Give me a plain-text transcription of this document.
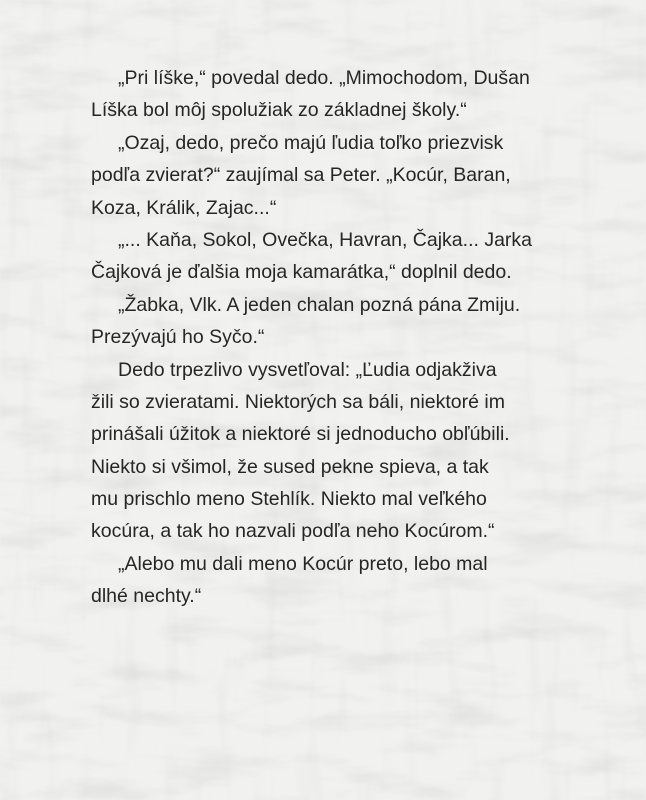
„Pri líške,“ povedal dedo. „Mimochodom, Dušan
Líška bol môj spolužiak zo základnej školy.“
„Ozaj, dedo, prečo majú ľudia toľko priezvisk
podľa zvierat?“ zaujímal sa Peter. „Kocúr, Baran,
Koza, Králik, Zajac...“
„... Kaňa, Sokol, Ovečka, Havran, Čajka... Jarka
Čajková je ďalšia moja kamarátka,“ doplnil dedo.
„Žabka, Vlk. A jeden chalan pozná pána Zmiju.
Prezývajú ho Syčo.“
Dedo trpezlivo vysvetľoval: „Ľudia odjakživa
žili so zvieratami. Niektorých sa báli, niektoré im
prinášali úžitok a niektoré si jednoducho obľúbili.
Niekto si všimol, že sused pekne spieva, a tak
mu prischlo meno Stehlík. Niekto mal veľkého
kocúra, a tak ho nazvali podľa neho Kocúrom.“
„Alebo mu dali meno Kocúr preto, lebo mal
dlhé nechty.“
